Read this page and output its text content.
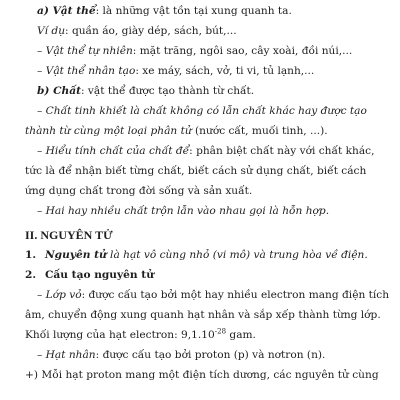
a) Vật thể: là những vật tồn tại xung quanh ta.
Ví dụ: quần áo, giày dép, sách, bút,...
– Vật thể tự nhiên: mặt trăng, ngôi sao, cây xoài, đồi núi,...
– Vật thể nhân tạo: xe máy, sách, vở, ti vi, tủ lạnh,...
b) Chất: vật thể được tạo thành từ chất.
– Chất tinh khiết là chất không có lẫn chất khác hay được tạo
thành từ cùng một loại phân tử (nước cất, muối tinh, ...).
– Hiểu tính chất của chất để: phân biệt chất này với chất khác,
tức là để nhận biết từng chất, biết cách sử dụng chất, biết cách
ứng dụng chất trong đời sống và sản xuất.
– Hai hay nhiều chất trộn lẫn vào nhau gọi là hỗn hợp.
II. NGUYÊN TỬ
1. Nguyên tử là hạt vô cùng nhỏ (vi mô) và trung hòa về điện.
2. Cấu tạo nguyên tử
– Lớp vỏ: được cấu tạo bởi một hay nhiều electron mang điện tích
âm, chuyển động xung quanh hạt nhân và sắp xếp thành từng lớp.
Khối lượng của hạt electron: $9,1.10^{-28}$ gam.
– Hạt nhân: được cấu tạo bởi proton (p) và nơtron (n).
+) Mỗi hạt proton mang một điện tích dương, các nguyên tử cùng
